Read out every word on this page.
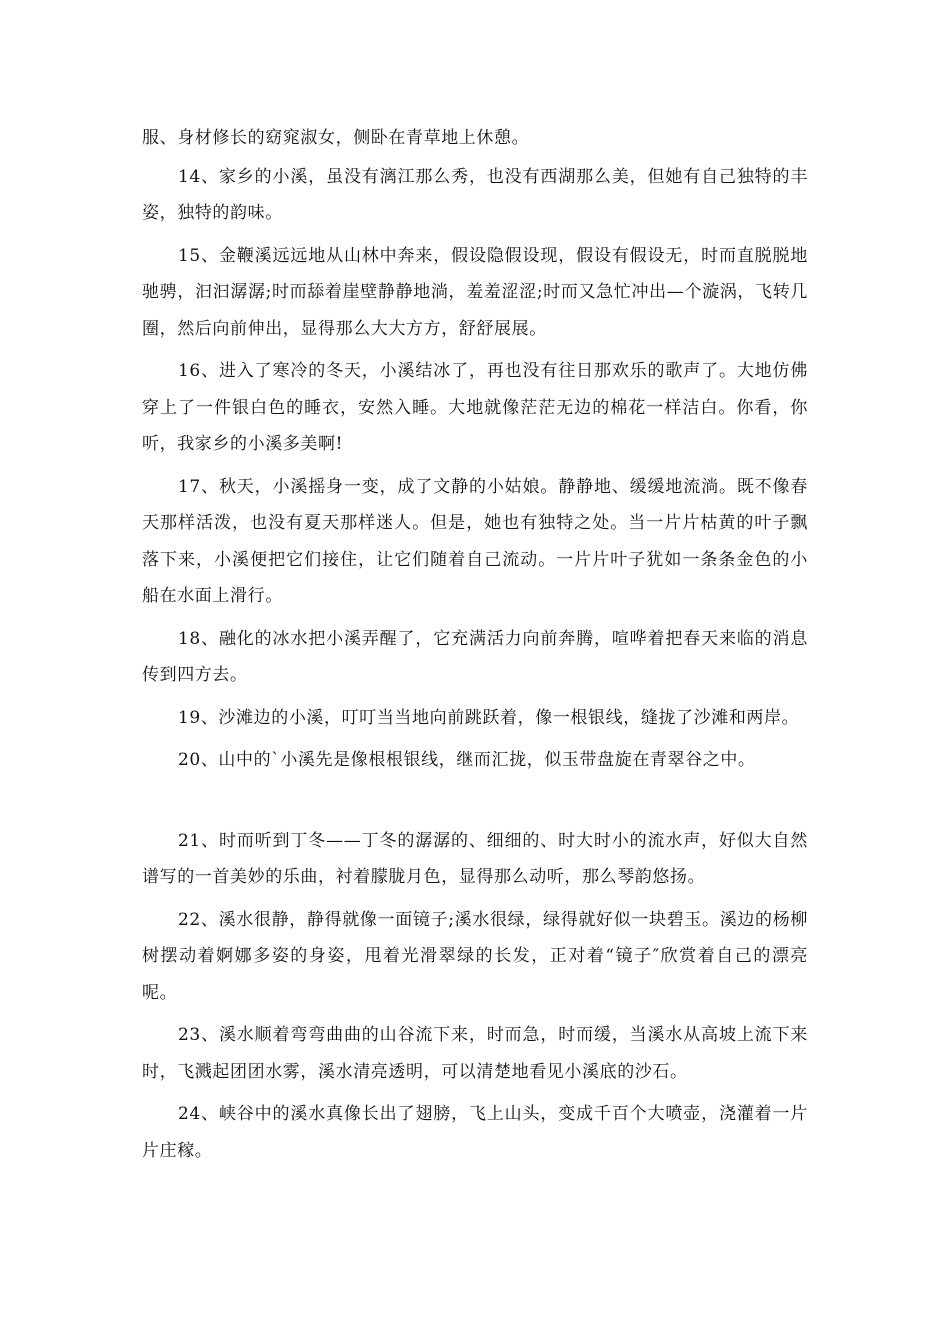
服、身材修长的窈窕淑女，侧卧在青草地上休憩。

14、家乡的小溪，虽没有漓江那么秀，也没有西湖那么美，但她有自己独特的丰姿，独特的韵味。

15、金鞭溪远远地从山林中奔来，假设隐假设现，假设有假设无，时而直脱脱地驰骋，汩汩潺潺;时而舔着崖壁静静地淌，羞羞涩涩;时而又急忙冲出—个漩涡，飞转几圈，然后向前伸出，显得那么大大方方，舒舒展展。

16、进入了寒冷的冬天，小溪结冰了，再也没有往日那欢乐的歌声了。大地仿佛穿上了一件银白色的睡衣，安然入睡。大地就像茫茫无边的棉花一样洁白。你看，你听，我家乡的小溪多美啊!

17、秋天，小溪摇身一变，成了文静的小姑娘。静静地、缓缓地流淌。既不像春天那样活泼，也没有夏天那样迷人。但是，她也有独特之处。当一片片枯黄的叶子飘落下来，小溪便把它们接住，让它们随着自己流动。一片片叶子犹如一条条金色的小船在水面上滑行。

18、融化的冰水把小溪弄醒了，它充满活力向前奔腾，喧哗着把春天来临的消息传到四方去。

19、沙滩边的小溪，叮叮当当地向前跳跃着，像一根银线，缝拢了沙滩和两岸。

20、山中的`小溪先是像根根银线，继而汇拢，似玉带盘旋在青翠谷之中。

21、时而听到丁冬——丁冬的潺潺的、细细的、时大时小的流水声，好似大自然谱写的一首美妙的乐曲，衬着朦胧月色，显得那么动听，那么琴韵悠扬。

22、溪水很静，静得就像一面镜子;溪水很绿，绿得就好似一块碧玉。溪边的杨柳树摆动着婀娜多姿的身姿，甩着光滑翠绿的长发，正对着“镜子″欣赏着自己的漂亮呢。

23、溪水顺着弯弯曲曲的山谷流下来，时而急，时而缓，当溪水从高坡上流下来时，飞溅起团团水雾，溪水清亮透明，可以清楚地看见小溪底的沙石。

24、峡谷中的溪水真像长出了翅膀，飞上山头，变成千百个大喷壶，浇灌着一片片庄稼。
